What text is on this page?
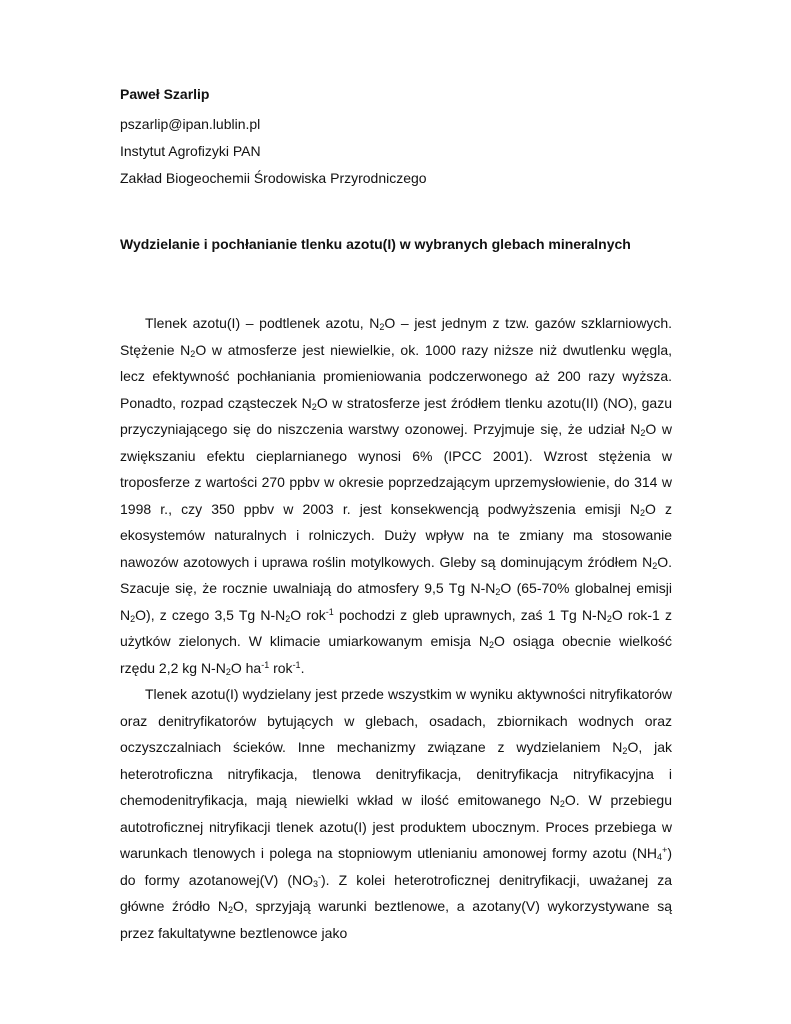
Paweł Szarlip
pszarlip@ipan.lublin.pl
Instytut Agrofizyki PAN
Zakład Biogeochemii Środowiska Przyrodniczego
Wydzielanie i pochłanianie tlenku azotu(I) w wybranych glebach mineralnych

Tlenek azotu(I) – podtlenek azotu, $N_2O$ – jest jednym z tzw. gazów szklarniowych. Stężenie $N_2O$ w atmosferze jest niewielkie, ok. 1000 razy niższe niż dwutlenku węgla, lecz efektywność pochłaniania promieniowania podczerwonego aż 200 razy wyższa. Ponadto, rozpad cząsteczek $N_2O$ w stratosferze jest źródłem tlenku azotu(II) (NO), gazu przyczyniającego się do niszczenia warstwy ozonowej. Przyjmuje się, że udział $N_2O$ w zwiększaniu efektu cieplarnianego wynosi 6% (IPCC 2001). Wzrost stężenia w troposferze z wartości 270 ppbv w okresie poprzedzającym uprzemysłowienie, do 314 w 1998 r., czy 350 ppbv w 2003 r. jest konsekwencją podwyższenia emisji $N_2O$ z ekosystemów naturalnych i rolniczych. Duży wpływ na te zmiany ma stosowanie nawozów azotowych i uprawa roślin motylkowych. Gleby są dominującym źródłem $N_2O$. Szacuje się, że rocznie uwalniają do atmosfery 9,5 Tg $N-N_2O$ (65-70% globalnej emisji $N_2O$), z czego 3,5 Tg $N-N_2O$ rok$^{-1}$ pochodzi z gleb uprawnych, zaś 1 Tg $N-N_2O$ rok-1 z użytków zielonych. W klimacie umiarkowanym emisja $N_2O$ osiąga obecnie wielkość rzędu 2,2 kg $N-N_2O$ $ha^{-1}$ rok$^{-1}$.

Tlenek azotu(I) wydzielany jest przede wszystkim w wyniku aktywności nitryfikatorów oraz denitryfikatorów bytujących w glebach, osadach, zbiornikach wodnych oraz oczyszczalniach ścieków. Inne mechanizmy związane z wydzielaniem $N_2O$, jak heterotroficzna nitryfikacja, tlenowa denitryfikacja, denitryfikacja nitryfikacyjna i chemodenitryfikacja, mają niewielki wkład w ilość emitowanego $N_2O$. W przebiegu autotroficznej nitryfikacji tlenek azotu(I) jest produktem ubocznym. Proces przebiega w warunkach tlenowych i polega na stopniowym utlenianiu amonowej formy azotu $(NH_4^+)$ do formy azotanowej(V) $(NO_3^-)$. Z kolei heterotroficznej denitryfikacji, uważanej za główne źródło $N_2O$, sprzyjają warunki beztlenowe, a azotany(V) wykorzystywane są przez fakultatywne beztlenowce jako
